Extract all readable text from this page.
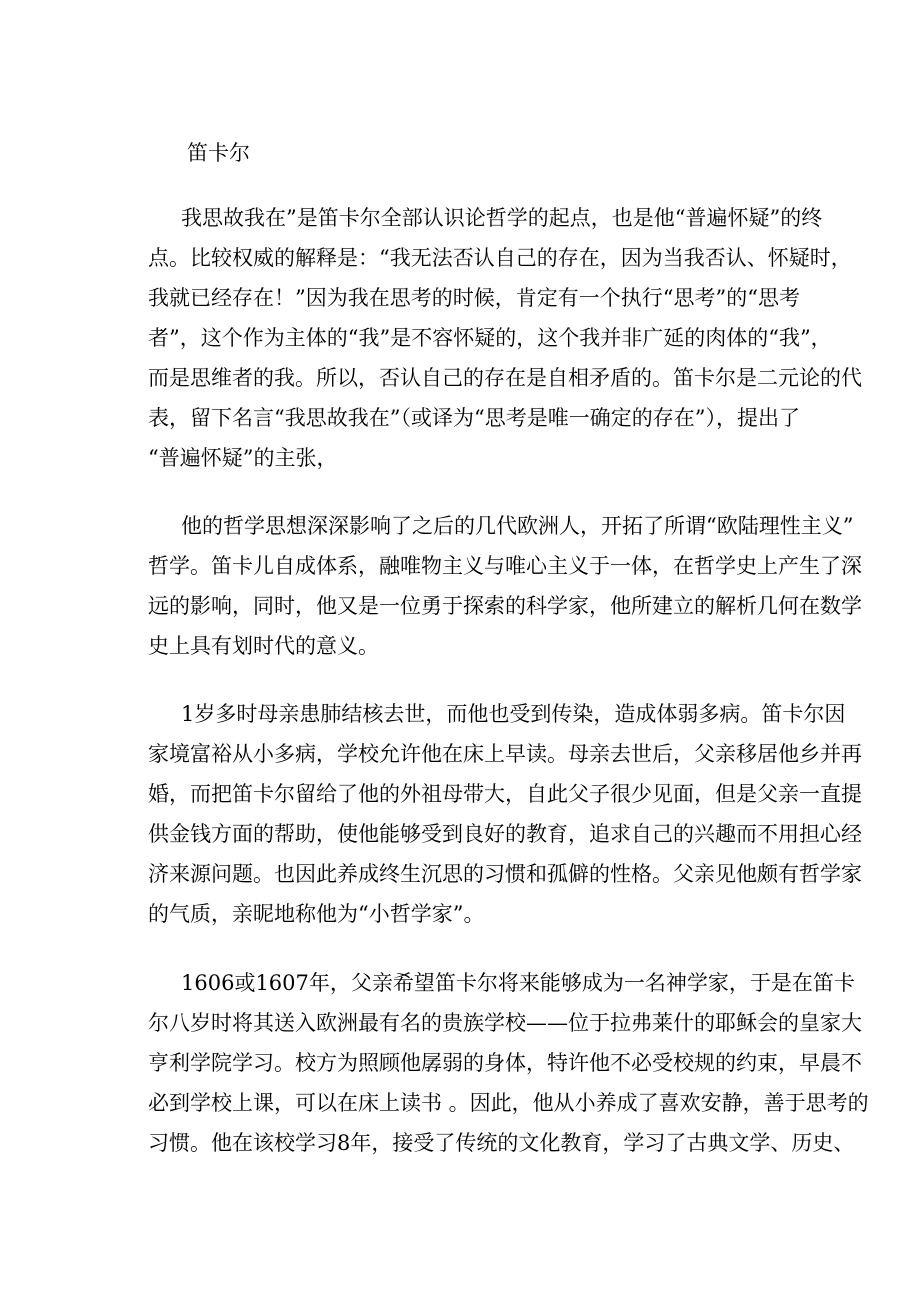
笛卡尔
我思故我在”是笛卡尔全部认识论哲学的起点，也是他“普遍怀疑”的终
点。比较权威的解释是：“我无法否认自己的存在，因为当我否认、怀疑时，
我就已经存在！”因为我在思考的时候，肯定有一个执行“思考”的“思考
者”，这个作为主体的“我”是不容怀疑的，这个我并非广延的肉体的“我”，
而是思维者的我。所以，否认自己的存在是自相矛盾的。笛卡尔是二元论的代
表，留下名言“我思故我在”（或译为“思考是唯一确定的存在”），提出了
“普遍怀疑”的主张，
他的哲学思想深深影响了之后的几代欧洲人，开拓了所谓“欧陆理性主义”
哲学。笛卡儿自成体系，融唯物主义与唯心主义于一体，在哲学史上产生了深
远的影响，同时，他又是一位勇于探索的科学家，他所建立的解析几何在数学
史上具有划时代的意义。
1岁多时母亲患肺结核去世，而他也受到传染，造成体弱多病。笛卡尔因
家境富裕从小多病，学校允许他在床上早读。母亲去世后，父亲移居他乡并再
婚，而把笛卡尔留给了他的外祖母带大，自此父子很少见面，但是父亲一直提
供金钱方面的帮助，使他能够受到良好的教育，追求自己的兴趣而不用担心经
济来源问题。也因此养成终生沉思的习惯和孤僻的性格。父亲见他颇有哲学家
的气质，亲昵地称他为“小哲学家”。
1606或1607年，父亲希望笛卡尔将来能够成为一名神学家，于是在笛卡
尔八岁时将其送入欧洲最有名的贵族学校——位于拉弗莱什的耶稣会的皇家大
亨利学院学习。校方为照顾他孱弱的身体，特许他不必受校规的约束，早晨不
必到学校上课，可以在床上读书 。因此，他从小养成了喜欢安静，善于思考的
习惯。他在该校学习8年，接受了传统的文化教育，学习了古典文学、历史、
